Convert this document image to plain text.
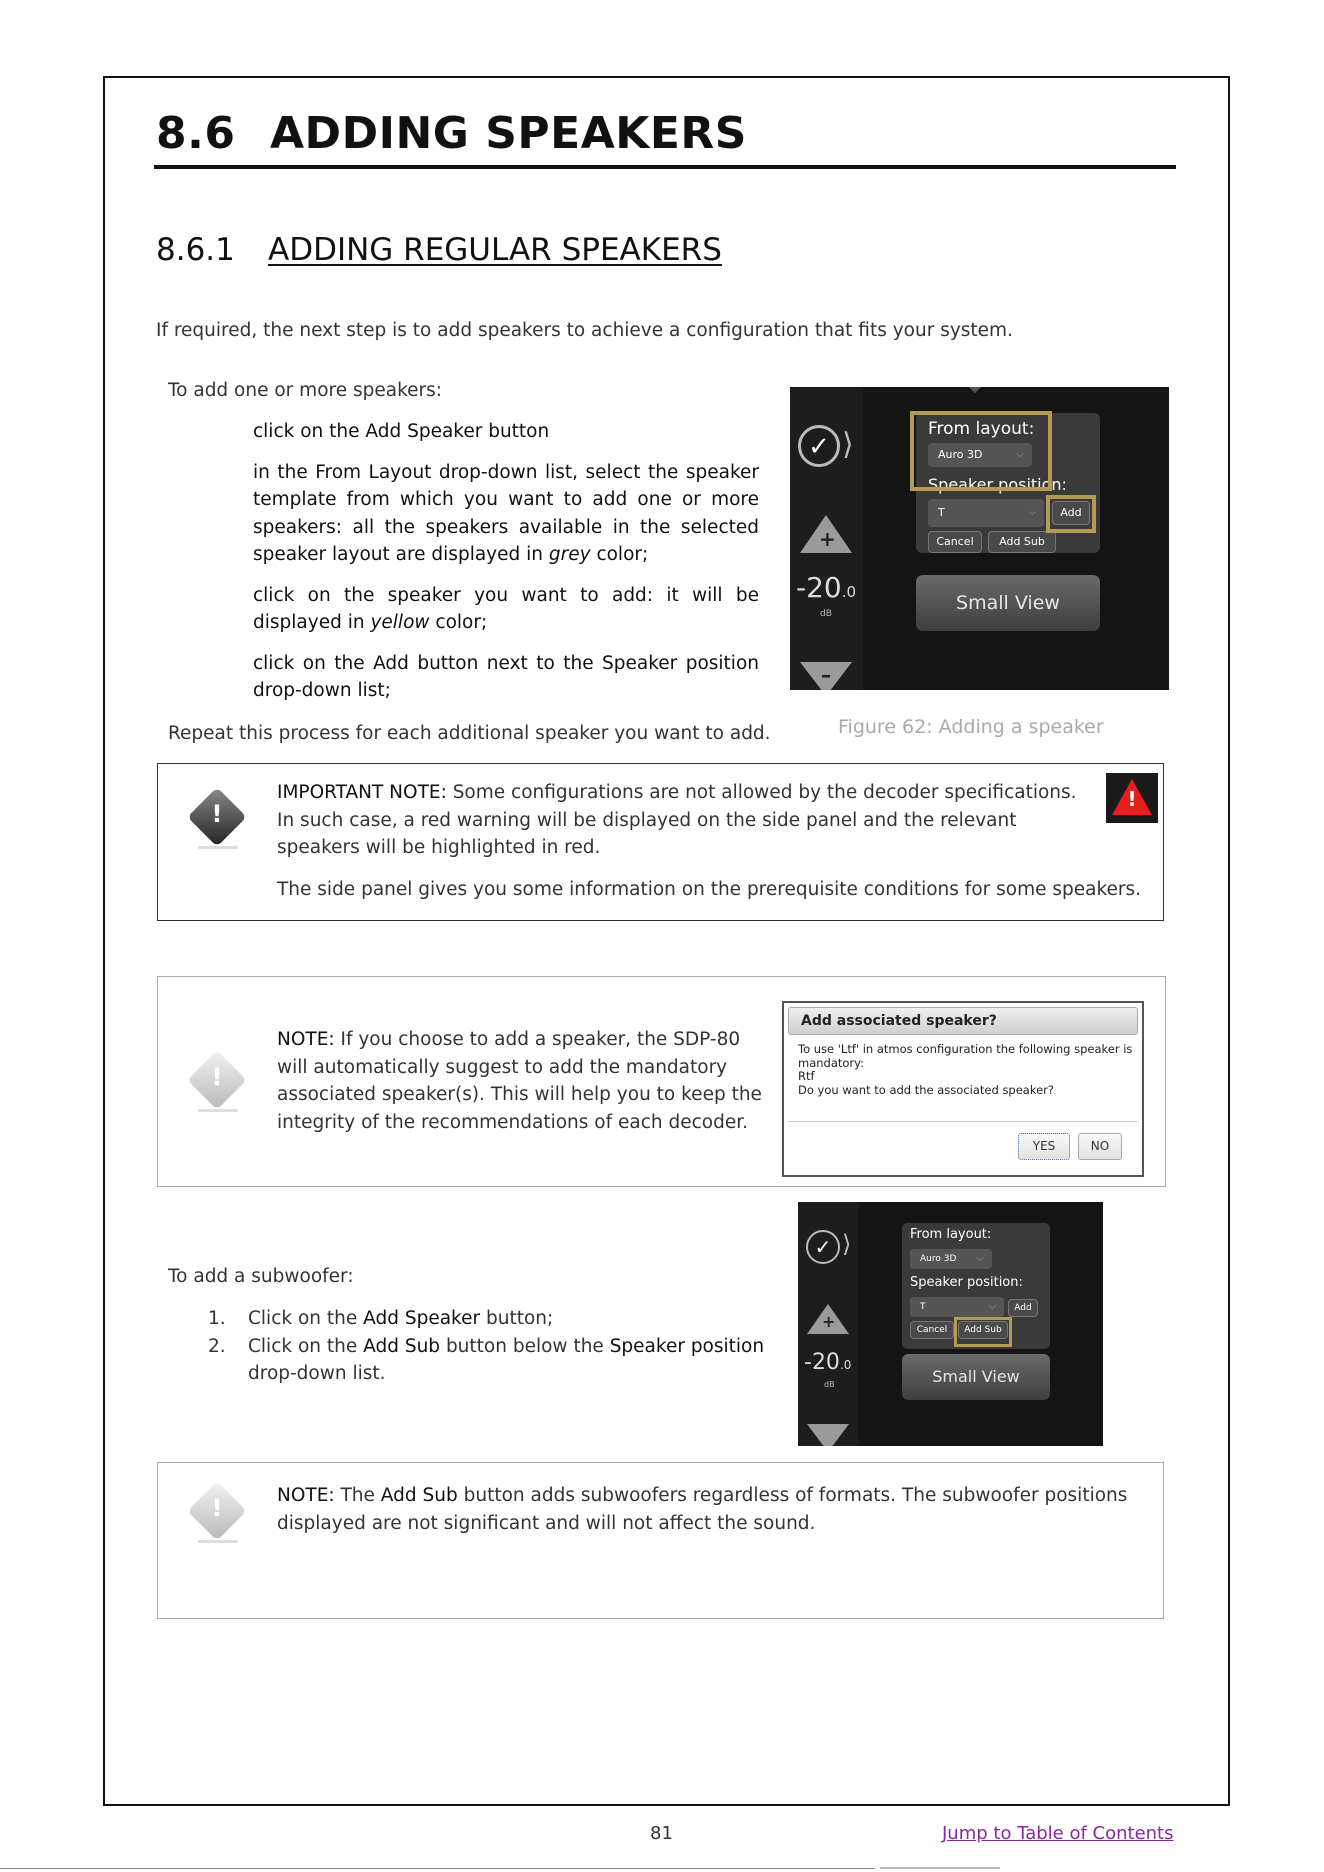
8.6 ADDING SPEAKERS
8.6.1 ADDING REGULAR SPEAKERS
If required, the next step is to add speakers to achieve a configuration that fits your system.
To add one or more speakers:
click on the Add Speaker button
in the From Layout drop-down list, select the speaker template from which you want to add one or more speakers: all the speakers available in the selected speaker layout are displayed in grey color;
click on the speaker you want to add: it will be displayed in yellow color;
click on the Add button next to the Speaker position drop-down list;
Repeat this process for each additional speaker you want to add.	Figure 62: Adding a speaker
✓ ⟩
+
-20.0
dB
–
From layout:
Auro 3D	⌵
Speaker position:
T	⌵	Add
Cancel	Add Sub
Small View
!
IMPORTANT NOTE: Some configurations are not allowed by the decoder specifications. In such case, a red warning will be displayed on the side panel and the relevant speakers will be highlighted in red.
The side panel gives you some information on the prerequisite conditions for some speakers.
!
!
NOTE: If you choose to add a speaker, the SDP-80 will automatically suggest to add the mandatory associated speaker(s). This will help you to keep the integrity of the recommendations of each decoder.
Add associated speaker?
To use 'Ltf' in atmos configuration the following speaker is mandatory:
Rtf
Do you want to add the associated speaker?
YES	NO
To add a subwoofer:
1. Click on the Add Speaker button;
2. Click on the Add Sub button below the Speaker position drop-down list.
✓ ⟩
+
-20.0
dB
From layout:
Auro 3D ⌵
Speaker position:
T	⌵	Add
Cancel	Add Sub
Small View
!	NOTE: The Add Sub button adds subwoofers regardless of formats. The subwoofer positions displayed are not significant and will not affect the sound.
81	Jump to Table of Contents
